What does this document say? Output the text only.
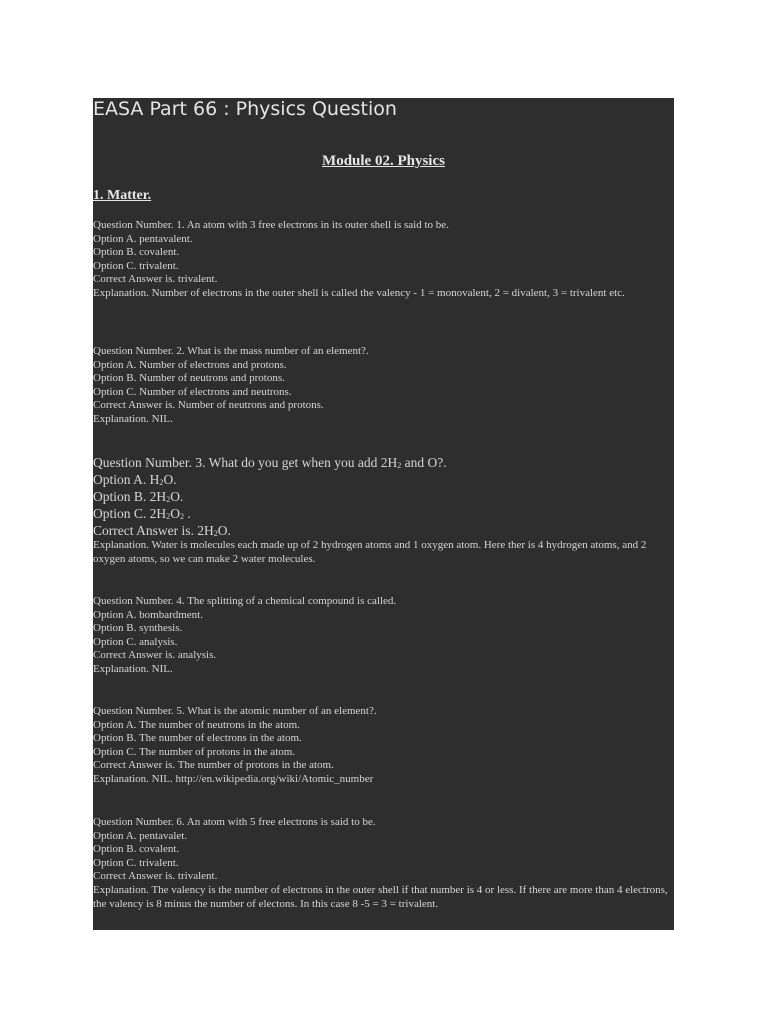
EASA Part 66 : Physics Question
Module 02. Physics
1. Matter.
Question Number. 1. An atom with 3 free electrons in its outer shell is said to be.
Option A. pentavalent.
Option B. covalent.
Option C. trivalent.
Correct Answer is. trivalent.
Explanation. Number of electrons in the outer shell is called the valency - 1 = monovalent, 2 = divalent, 3 = trivalent etc.
Question Number. 2. What is the mass number of an element?.
Option A. Number of electrons and protons.
Option B. Number of neutrons and protons.
Option C. Number of electrons and neutrons.
Correct Answer is. Number of neutrons and protons.
Explanation. NIL.
Question Number. 3. What do you get when you add $2H_2$ and O?.
Option A. $H_2O$.
Option B. $2H_2O$.
Option C. $2H_2O_2$ .
Correct Answer is. $2H_2O$.
Explanation. Water is molecules each made up of 2 hydrogen atoms and 1 oxygen atom. Here ther is 4 hydrogen atoms, and 2 oxygen atoms, so we can make 2 water molecules.
Question Number. 4. The splitting of a chemical compound is called.
Option A. bombardment.
Option B. synthesis.
Option C. analysis.
Correct Answer is. analysis.
Explanation. NIL.
Question Number. 5. What is the atomic number of an element?.
Option A. The number of neutrons in the atom.
Option B. The number of electrons in the atom.
Option C. The number of protons in the atom.
Correct Answer is. The number of protons in the atom.
Explanation. NIL. http://en.wikipedia.org/wiki/Atomic_number
Question Number. 6. An atom with 5 free electrons is said to be.
Option A. pentavalet.
Option B. covalent.
Option C. trivalent.
Correct Answer is. trivalent.
Explanation. The valency is the number of electrons in the outer shell if that number is 4 or less. If there are more than 4 electrons, the valency is 8 minus the number of electons. In this case 8 -5 = 3 = trivalent.
